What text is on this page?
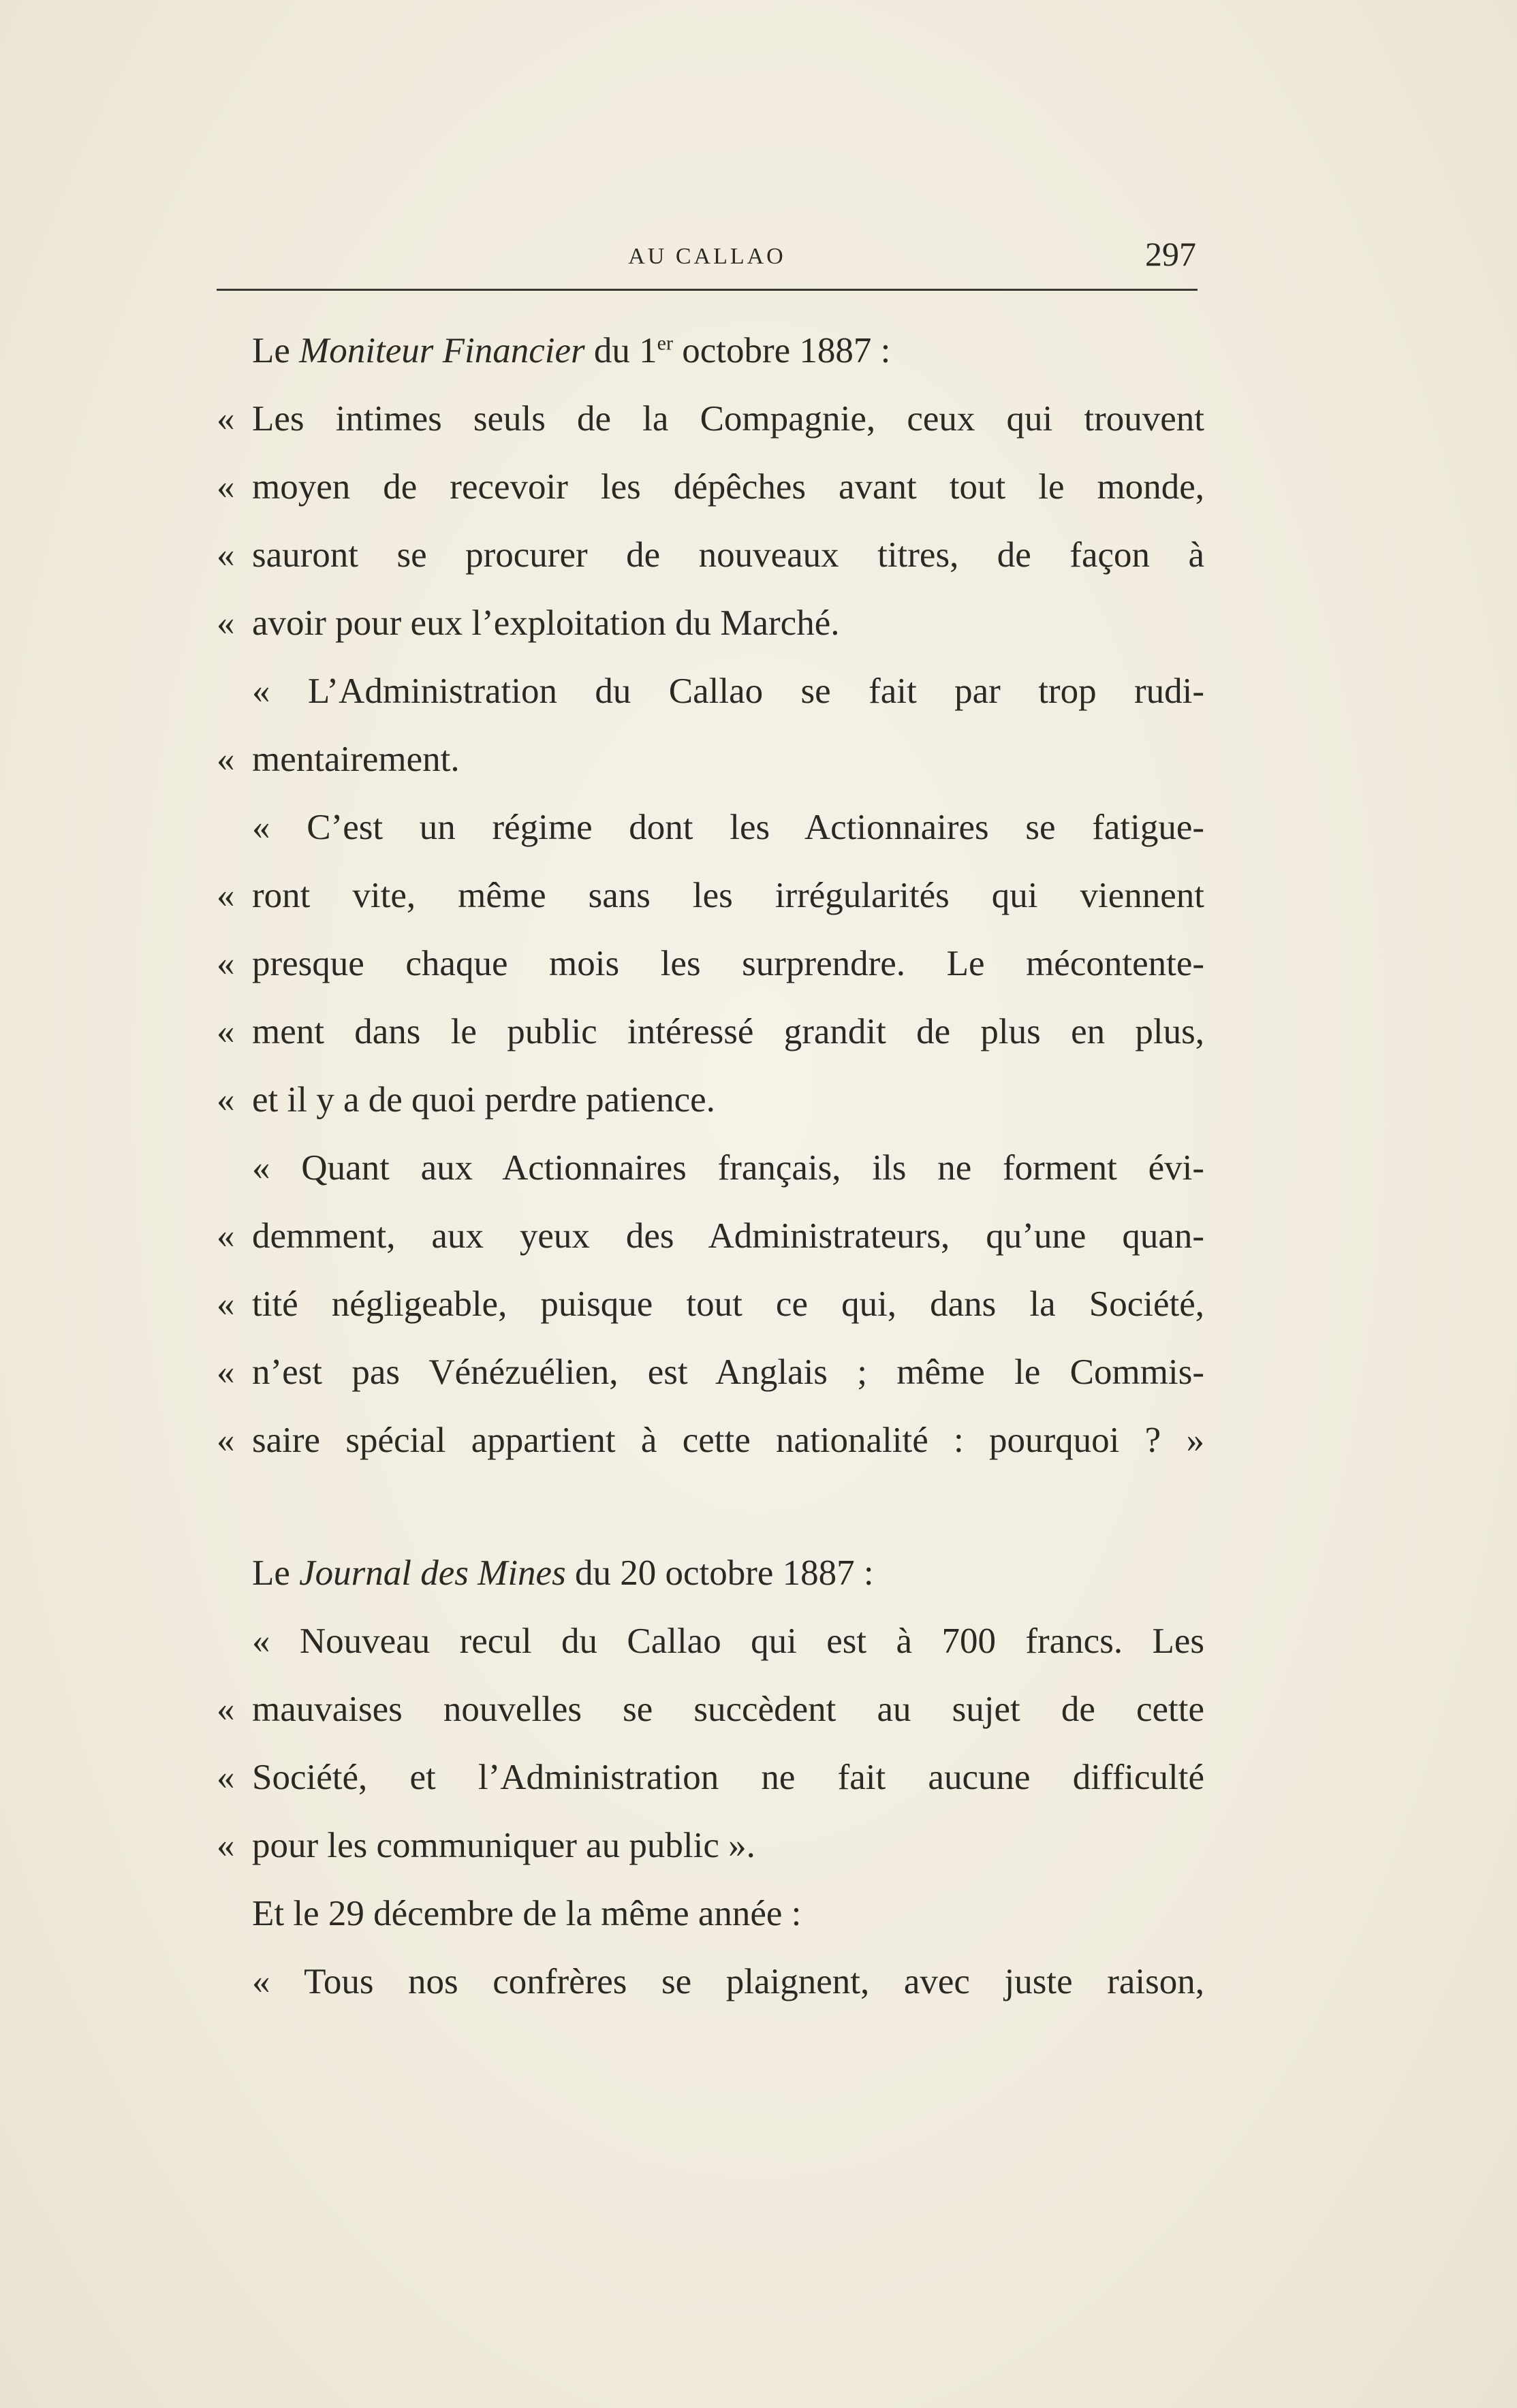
AU CALLAO	297
Le Moniteur Financier du 1er octobre 1887 :
« Les intimes seuls de la Compagnie, ceux qui trouvent
« moyen de recevoir les dépêches avant tout le monde,
« sauront se procurer de nouveaux titres, de façon à
« avoir pour eux l’exploitation du Marché.
« L’Administration du Callao se fait par trop rudi-
« mentairement.
« C’est un régime dont les Actionnaires se fatigue-
« ront vite, même sans les irrégularités qui viennent
« presque chaque mois les surprendre. Le mécontente-
« ment dans le public intéressé grandit de plus en plus,
« et il y a de quoi perdre patience.
« Quant aux Actionnaires français, ils ne forment évi-
« demment, aux yeux des Administrateurs, qu’une quan-
« tité négligeable, puisque tout ce qui, dans la Société,
« n’est pas Vénézuélien, est Anglais ; même le Commis-
« saire spécial appartient à cette nationalité : pourquoi ? »
Le Journal des Mines du 20 octobre 1887 :
« Nouveau recul du Callao qui est à 700 francs. Les
« mauvaises nouvelles se succèdent au sujet de cette
« Société, et l’Administration ne fait aucune difficulté
« pour les communiquer au public ».
Et le 29 décembre de la même année :
« Tous nos confrères se plaignent, avec juste raison,
